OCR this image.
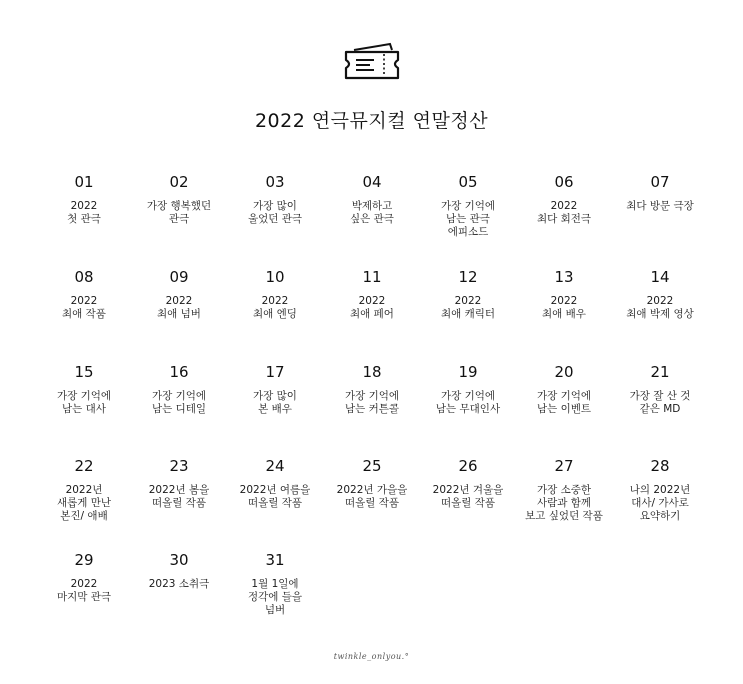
2022 연극뮤지컬 연말정산
01
2022
첫 관극
02
가장 행복했던
관극
03
가장 많이
울었던 관극
04
박제하고
싶은 관극
05
가장 기억에
남는 관극
에피소드
06
2022
최다 회전극
07
최다 방문 극장
08
2022
최애 작품
09
2022
최애 넘버
10
2022
최애 엔딩
11
2022
최애 페어
12
2022
최애 캐릭터
13
2022
최애 배우
14
2022
최애 박제 영상
15
가장 기억에
남는 대사
16
가장 기억에
남는 디테일
17
가장 많이
본 배우
18
가장 기억에
남는 커튼콜
19
가장 기억에
남는 무대인사
20
가장 기억에
남는 이벤트
21
가장 잘 산 것
같은 MD
22
2022년
새롭게 만난
본진/ 애배
23
2022년 봄을
떠올릴 작품
24
2022년 여름을
떠올릴 작품
25
2022년 가을을
떠올릴 작품
26
2022년 겨울을
떠올릴 작품
27
가장 소중한
사람과 함께
보고 싶었던 작품
28
나의 2022년
대사/ 가사로
요약하기
29
2022
마지막 관극
30
2023 소취극
31
1월 1일에
정각에 들을
넘버
twinkle_onlyou.°
